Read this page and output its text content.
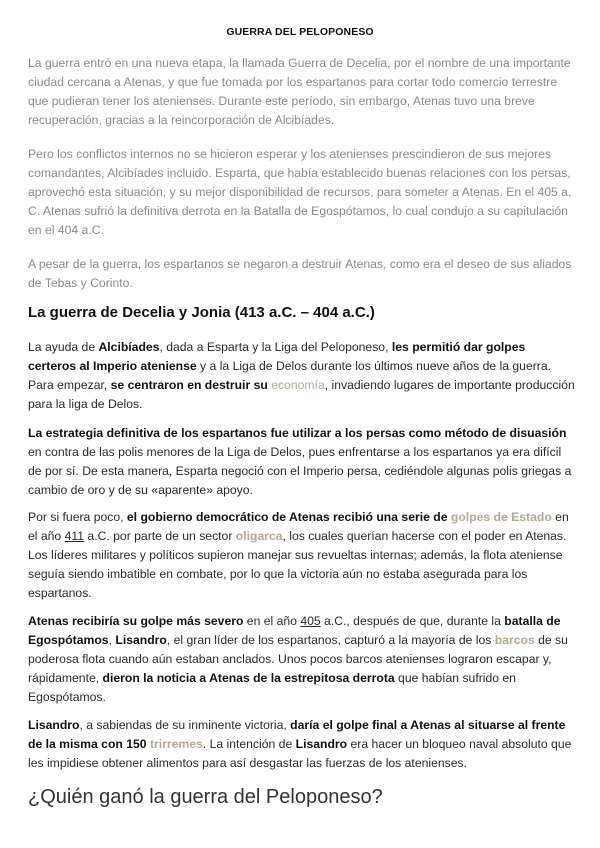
GUERRA DEL PELOPONESO

La guerra entró en una nueva etapa, la llamada Guerra de Decelia, por el nombre de una importante ciudad cercana a Atenas, y que fue tomada por los espartanos para cortar todo comercio terrestre que pudieran tener los atenienses. Durante este período, sin embargo, Atenas tuvo una breve recuperación, gracias a la reincorporación de Alcibíades.

Pero los conflictos internos no se hicieron esperar y los atenienses prescindieron de sus mejores comandantes, Alcibíades incluido. Esparta, que había establecido buenas relaciones con los persas, aprovechó esta situación, y su mejor disponibilidad de recursos, para someter a Atenas. En el 405 a. C. Atenas sufrió la definitiva derrota en la Batalla de Egospótamos, lo cual condujo a su capitulación en el 404 a.C.

A pesar de la guerra, los espartanos se negaron a destruir Atenas, como era el deseo de sus aliados de Tebas y Corinto.

La guerra de Decelia y Jonia (413 a.C. – 404 a.C.)

La ayuda de Alcibíades, dada a Esparta y la Liga del Peloponeso, les permitió dar golpes certeros al Imperio ateniense y a la Liga de Delos durante los últimos nueve años de la guerra. Para empezar, se centraron en destruir su economía, invadiendo lugares de importante producción para la liga de Delos.

La estrategia definitiva de los espartanos fue utilizar a los persas como método de disuasión en contra de las polis menores de la Liga de Delos, pues enfrentarse a los espartanos ya era difícil de por sí. De esta manera, Esparta negoció con el Imperio persa, cediéndole algunas polis griegas a cambio de oro y de su «aparente» apoyo.

Por si fuera poco, el gobierno democrático de Atenas recibió una serie de golpes de Estado en el año 411 a.C. por parte de un sector oligarca, los cuales querían hacerse con el poder en Atenas. Los líderes militares y políticos supieron manejar sus revueltas internas; además, la flota ateniense seguía siendo imbatible en combate, por lo que la victoria aún no estaba asegurada para los espartanos.

Atenas recibiría su golpe más severo en el año 405 a.C., después de que, durante la batalla de Egospótamos, Lisandro, el gran líder de los espartanos, capturó a la mayoría de los barcos de su poderosa flota cuando aún estaban anclados. Unos pocos barcos atenienses lograron escapar y, rápidamente, dieron la noticia a Atenas de la estrepitosa derrota que habían sufrido en Egospótamos.

Lisandro, a sabiendas de su inminente victoria, daría el golpe final a Atenas al situarse al frente de la misma con 150 trirremes. La intención de Lisandro era hacer un bloqueo naval absoluto que les impidiese obtener alimentos para así desgastar las fuerzas de los atenienses.

¿Quién ganó la guerra del Peloponeso?
